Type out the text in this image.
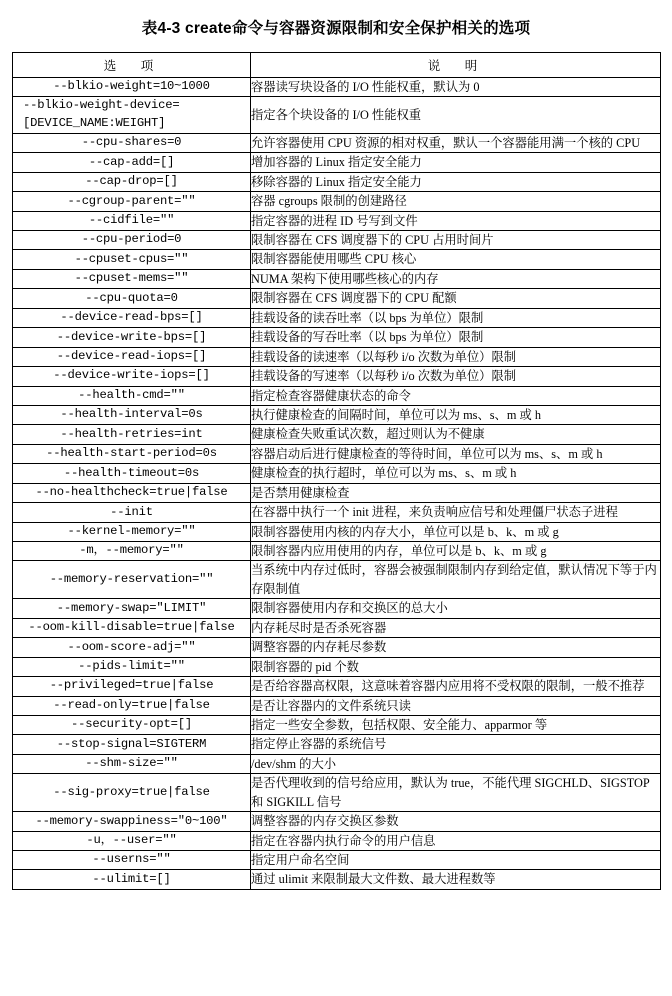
表4-3 create命令与容器资源限制和安全保护相关的选项
选　项	说　明
--blkio-weight=10~1000	容器读写块设备的 I/O 性能权重，默认为 0
--blkio-weight-device=
[DEVICE_NAME:WEIGHT]	指定各个块设备的 I/O 性能权重
--cpu-shares=0	允许容器使用 CPU 资源的相对权重，默认一个容器能用满一个核的 CPU
--cap-add=[]	增加容器的 Linux 指定安全能力
--cap-drop=[]	移除容器的 Linux 指定安全能力
--cgroup-parent=""	容器 cgroups 限制的创建路径
--cidfile=""	指定容器的进程 ID 号写到文件
--cpu-period=0	限制容器在 CFS 调度器下的 CPU 占用时间片
--cpuset-cpus=""	限制容器能使用哪些 CPU 核心
--cpuset-mems=""	NUMA 架构下使用哪些核心的内存
--cpu-quota=0	限制容器在 CFS 调度器下的 CPU 配额
--device-read-bps=[]	挂载设备的读吞吐率（以 bps 为单位）限制
--device-write-bps=[]	挂载设备的写吞吐率（以 bps 为单位）限制
--device-read-iops=[]	挂载设备的读速率（以每秒 i/o 次数为单位）限制
--device-write-iops=[]	挂载设备的写速率（以每秒 i/o 次数为单位）限制
--health-cmd=""	指定检查容器健康状态的命令
--health-interval=0s	执行健康检查的间隔时间，单位可以为 ms、s、m 或 h
--health-retries=int	健康检查失败重试次数，超过则认为不健康
--health-start-period=0s	容器启动后进行健康检查的等待时间，单位可以为 ms、s、m 或 h
--health-timeout=0s	健康检查的执行超时，单位可以为 ms、s、m 或 h
--no-healthcheck=true|false	是否禁用健康检查
--init	在容器中执行一个 init 进程，来负责响应信号和处理僵尸状态子进程
--kernel-memory=""	限制容器使用内核的内存大小，单位可以是 b、k、m 或 g
-m，--memory=""	限制容器内应用使用的内存，单位可以是 b、k、m 或 g
--memory-reservation=""	当系统中内存过低时，容器会被强制限制内存到给定值，默认情况下等于内存限制值
--memory-swap="LIMIT"	限制容器使用内存和交换区的总大小
--oom-kill-disable=true|false	内存耗尽时是否杀死容器
--oom-score-adj=""	调整容器的内存耗尽参数
--pids-limit=""	限制容器的 pid 个数
--privileged=true|false	是否给容器高权限，这意味着容器内应用将不受权限的限制，一般不推荐
--read-only=true|false	是否让容器内的文件系统只读
--security-opt=[]	指定一些安全参数，包括权限、安全能力、apparmor 等
--stop-signal=SIGTERM	指定停止容器的系统信号
--shm-size=""	/dev/shm 的大小
--sig-proxy=true|false	是否代理收到的信号给应用，默认为 true，不能代理 SIGCHLD、SIGSTOP 和 SIGKILL 信号
--memory-swappiness="0~100"	调整容器的内存交换区参数
-u，--user=""	指定在容器内执行命令的用户信息
--userns=""	指定用户命名空间
--ulimit=[]	通过 ulimit 来限制最大文件数、最大进程数等
